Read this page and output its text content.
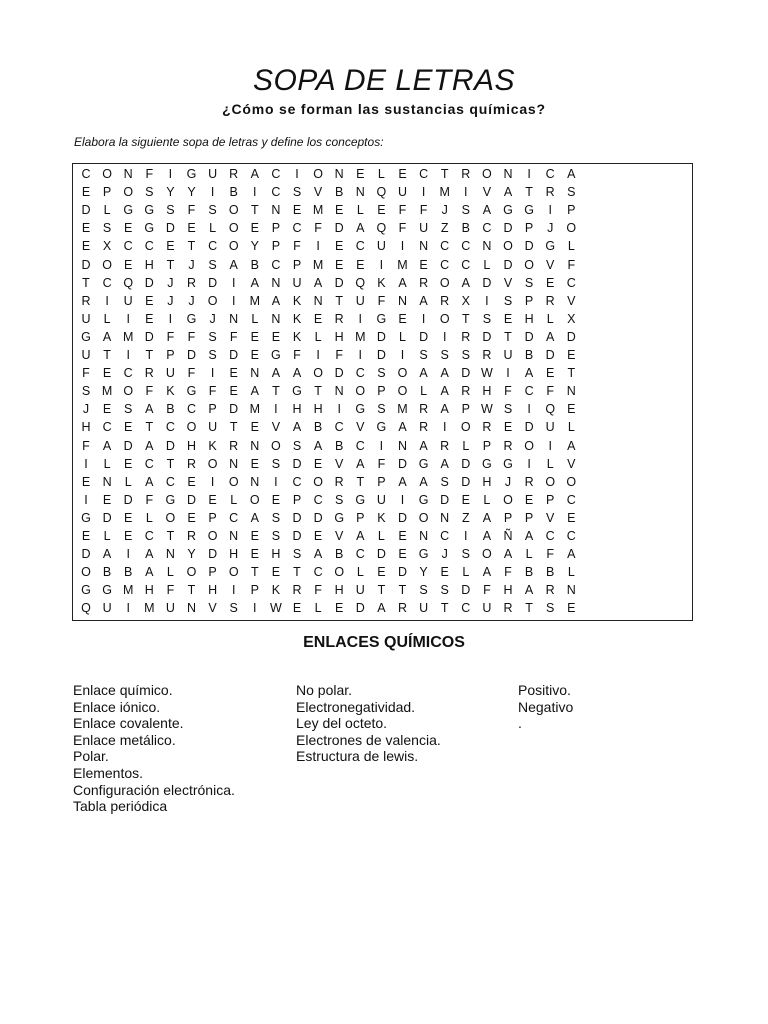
SOPA DE LETRAS
¿Cómo se forman las sustancias químicas?
Elabora la siguiente sopa de letras y define los conceptos:
C O N	F	I	G U R A C	I	O N E	L	E C	T	R O N	I	C A
E	P O S	Y	Y	I	B	I	C S	V	B N Q U	I	M	I	V	A	T	R S
D	L	G G S	F	S O T	N E M E	L	E	F	F	J	S	A G G	I	P
E	S	E G D E	L	O E	P C	F	D A Q F	U	Z	B C D P	J	O
E	X C C E	T	C O Y	P	F	I	E C U	I	N C C N O D G	L
D O E H	T	J	S	A	B C P M E	E	I	M E C C	L	D O V	F
T	C Q D	J	R D	I	A N U A D Q K	A R O A D V	S	E C
R	I	U E	J	J	O	I	M A	K N	T	U	F	N A R X	I	S	P R V
U	L	I	E	I	G	J	N	L	N K	E R	I	G E	I	O T	S	E H	L	X
G A M D	F	F	S	F	E	E	K	L	H M D	L	D	I	R D	T	D A D
U	T	I	T	P D S D E G F	I	F	I	D	I	S	S	S R U B D E
F	E C R U	F	I	E N A	A O D C S O A	A D W	I	A	E	T
S M O F	K G F	E	A	T G T	N O P O	L	A R H	F	C	F	N
J	E	S	A	B C P D M	I	H H	I	G S M R A	P W S	I	Q E
H C E	T	C O U	T	E	V	A	B C V G A R	I	O R E D U	L
F	A D A D H K R N O S	A	B C	I	N A R	L	P R O	I	A
I	L	E C	T	R O N E	S D E	V	A	F	D G A D G G	I	L	V
E N	L	A C E	I	O N	I	C O R	T	P	A	A	S D H	J	R O O
I	E D	F G D E	L	O E	P C S G U	I	G D E	L	O E	P C
G D E	L	O E	P C A	S D D G P	K D O N	Z	A	P	P	V	E
E	L	E C	T	R O N E	S D E	V	A	L	E N C	I	A Ñ A C C
D A	I	A N Y D H E H S	A	B C D E G	J	S O A	L	F	A
O B	B	A	L	O P O T	E	T	C O	L	E D Y	E	L	A	F	B	B	L
G G M H	F	T	H	I	P	K R	F	H U	T	T	S	S D	F	H A R N
Q U	I	M U N V	S	I	W E	L	E D A R U	T	C U R	T	S	E
ENLACES QUÍMICOS
Enlace químico.
Enlace iónico.
Enlace covalente.
Enlace metálico.
Polar.
Elementos.
Configuración electrónica.
Tabla periódica
No polar.
Electronegatividad.
Ley del octeto.
Electrones de valencia.
Estructura de lewis.
Positivo.
Negativo
.
